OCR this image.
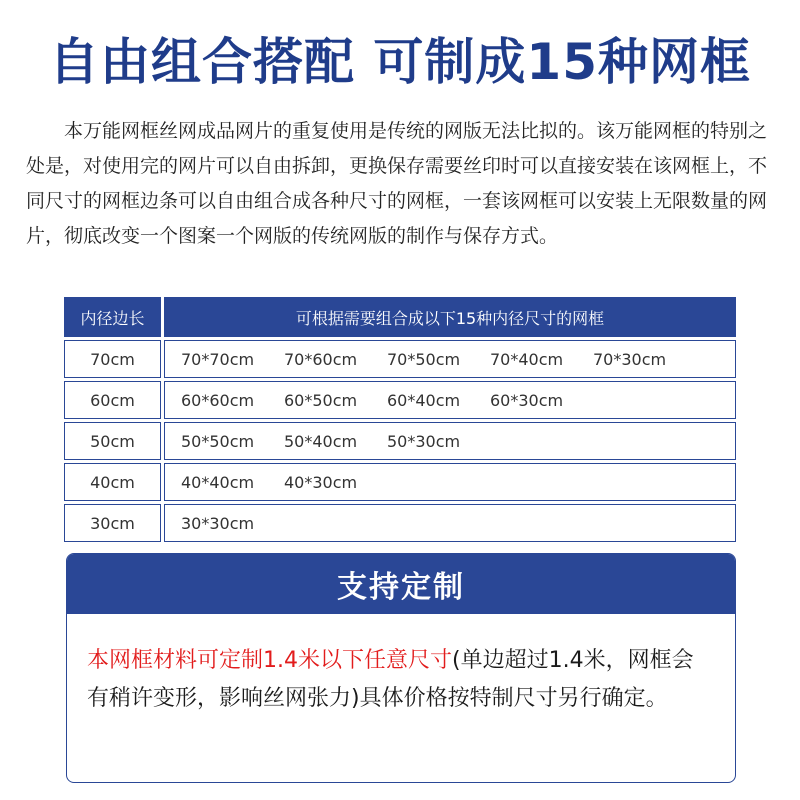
自由组合搭配 可制成15种网框

本万能网框丝网成品网片的重复使用是传统的网版无法比拟的。该万能网框的特别之处是，对使用完的网片可以自由拆卸，更换保存需要丝印时可以直接安装在该网框上，不同尺寸的网框边条可以自由组合成各种尺寸的网框，一套该网框可以安装上无限数量的网片，彻底改变一个图案一个网版的传统网版的制作与保存方式。

内径边长	可根据需要组合成以下15种内径尺寸的网框
70cm	70*70cm	70*60cm	70*50cm	70*40cm	70*30cm
60cm	60*60cm	60*50cm	60*40cm	60*30cm
50cm	50*50cm	50*40cm	50*30cm
40cm	40*40cm	40*30cm
30cm	30*30cm
支持定制
本网框材料可定制1.4米以下任意尺寸(单边超过1.4米，网框会有稍许变形，影响丝网张力)具体价格按特制尺寸另行确定。
